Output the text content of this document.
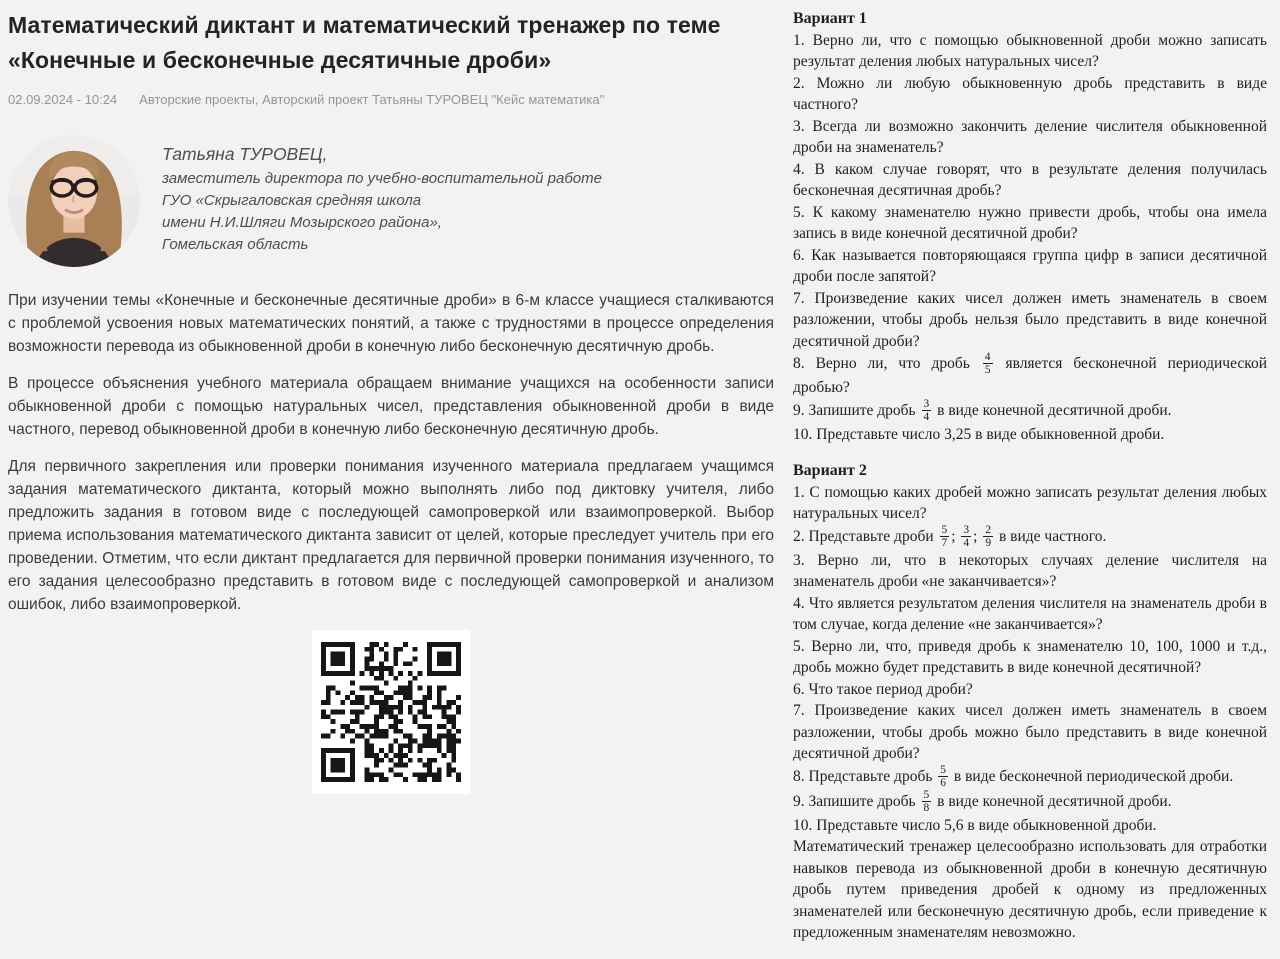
Математический диктант и математический тренажер по теме «Конечные и бесконечные десятичные дроби»
02.09.2024 - 10:24 Авторские проекты, Авторский проект Татьяны ТУРОВЕЦ "Кейс математика"
Татьяна ТУРОВЕЦ,
заместитель директора по учебно-воспитательной работе
ГУО «Скрыгаловская средняя школа
имени Н.И.Шляги Мозырского района»,
Гомельская область

При изучении темы «Конечные и бесконечные десятичные дроби» в 6-м классе учащиеся сталкиваются с проблемой усвоения новых математических понятий, а также с трудностями в процессе определения возможности перевода из обыкновенной дроби в конечную либо бесконечную десятичную дробь.

В процессе объяснения учебного материала обращаем внимание учащихся на особенности записи обыкновенной дроби с помощью натуральных чисел, представления обыкновенной дроби в виде частного, перевод обыкновенной дроби в конечную либо бесконечную десятичную дробь.

Для первичного закрепления или проверки понимания изученного материала предлагаем учащимся задания математического диктанта, который можно выполнять либо под диктовку учителя, либо предложить задания в готовом виде с последующей самопроверкой или взаимопроверкой. Выбор приема использования математического диктанта зависит от целей, которые преследует учитель при его проведении. Отметим, что если диктант предлагается для первичной проверки понимания изученного, то его задания целесообразно представить в готовом виде с последующей самопроверкой и анализом ошибок, либо взаимопроверкой.

Вариант 1
1. Верно ли, что с помощью обыкновенной дроби можно записать результат деления любых натуральных чисел?
2. Можно ли любую обыкновенную дробь представить в виде частного?
3. Всегда ли возможно закончить деление числителя обыкновенной дроби на знаменатель?
4. В каком случае говорят, что в результате деления получилась бесконечная десятичная дробь?
5. К какому знаменателю нужно привести дробь, чтобы она имела запись в виде конечной десятичной дроби?
6. Как называется повторяющаяся группа цифр в записи десятичной дроби после запятой?
7. Произведение каких чисел должен иметь знаменатель в своем разложении, чтобы дробь нельзя было представить в виде конечной десятичной дроби?
8. Верно ли, что дробь $\frac{4}{5}$ является бесконечной периодической дробью?
9. Запишите дробь $\frac{3}{4}$ в виде конечной десятичной дроби.
10. Представьте число 3,25 в виде обыкновенной дроби.
Вариант 2
1. С помощью каких дробей можно записать результат деления любых натуральных чисел?
2. Представьте дроби $\frac{5}{7}$ ; $\frac{3}{4}$ ; $\frac{2}{9}$ в виде частного.
3. Верно ли, что в некоторых случаях деление числителя на знаменатель дроби «не заканчивается»?
4. Что является результатом деления числителя на знаменатель дроби в том случае, когда деление «не заканчивается»?
5. Верно ли, что, приведя дробь к знаменателю 10, 100, 1000 и т.д., дробь можно будет представить в виде конечной десятичной?
6. Что такое период дроби?
7. Произведение каких чисел должен иметь знаменатель в своем разложении, чтобы дробь можно было представить в виде конечной десятичной дроби?
8. Представьте дробь $\frac{5}{6}$ в виде бесконечной периодической дроби.
9. Запишите дробь $\frac{5}{8}$ в виде конечной десятичной дроби.
10. Представьте число 5,6 в виде обыкновенной дроби.
Математический тренажер целесообразно использовать для отработки навыков перевода из обыкновенной дроби в конечную десятичную дробь путем приведения дробей к одному из предложенных знаменателей или бесконечную десятичную дробь, если приведение к предложенным знаменателям невозможно.
